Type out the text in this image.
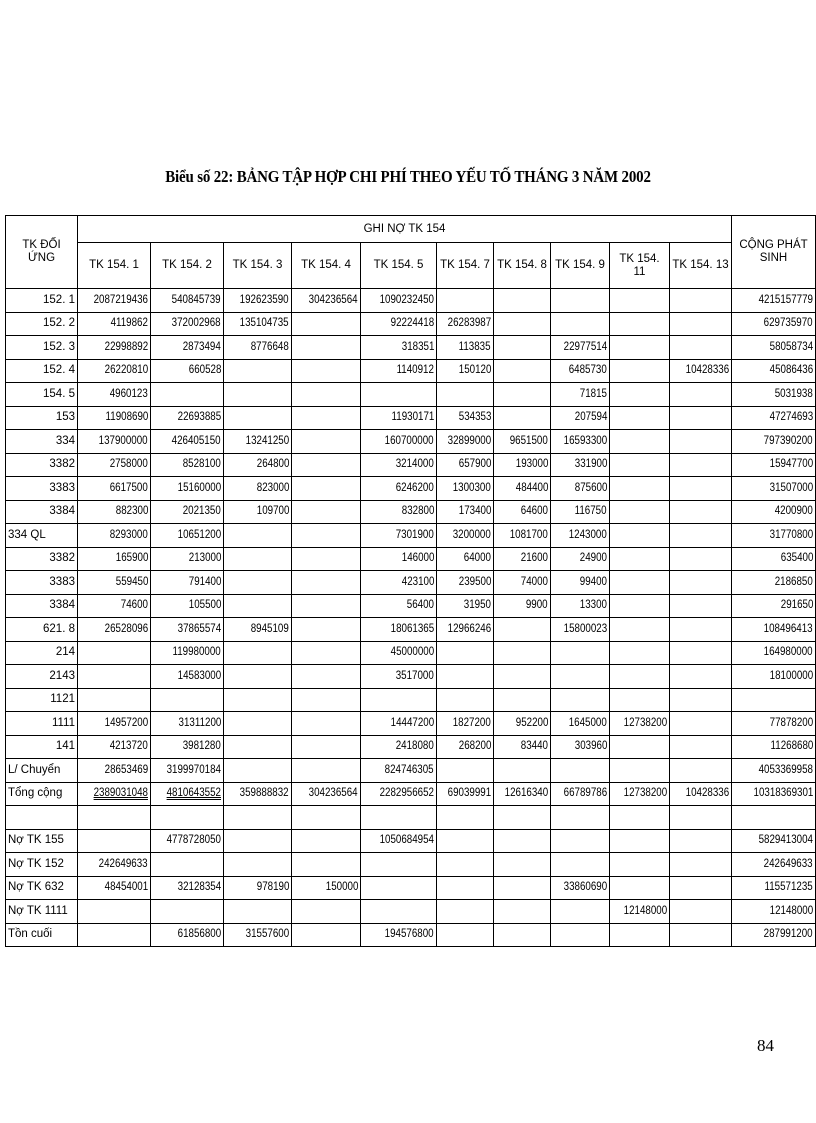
Biểu số 22: BẢNG TẬP HỢP CHI PHÍ THEO YẾU TỐ THÁNG 3 NĂM 2002
TK ĐỐI ỨNG	GHI NỢ TK 154										CỘNG PHÁT SINH
	TK 154. 1	TK 154. 2	TK 154. 3	TK 154. 4	TK 154. 5	TK 154. 7	TK 154. 8	TK 154. 9	TK 154. 11	TK 154. 13	
152. 1	2087219436	540845739	192623590	304236564	1090232450						4215157779
152. 2	4119862	372002968	135104735		92224418	26283987					629735970
152. 3	22998892	2873494	8776648		318351	113835		22977514			58058734
152. 4	26220810	660528			1140912	150120		6485730		10428336	45086436
154. 5	4960123							71815			5031938
153	11908690	22693885			11930171	534353		207594			47274693
334	137900000	426405150	13241250		160700000	32899000	9651500	16593300			797390200
3382	2758000	8528100	264800		3214000	657900	193000	331900			15947700
3383	6617500	15160000	823000		6246200	1300300	484400	875600			31507000
3384	882300	2021350	109700		832800	173400	64600	116750			4200900
334 QL	8293000	10651200			7301900	3200000	1081700	1243000			31770800
3382	165900	213000			146000	64000	21600	24900			635400
3383	559450	791400			423100	239500	74000	99400			2186850
3384	74600	105500			56400	31950	9900	13300			291650
621. 8	26528096	37865574	8945109		18061365	12966246		15800023			108496413
214		119980000			45000000						164980000
2143		14583000			3517000						18100000
1121											
1111	14957200	31311200			14447200	1827200	952200	1645000	12738200		77878200
141	4213720	3981280			2418080	268200	83440	303960			11268680
L/ Chuyển	28653469	3199970184			824746305						4053369958
Tổng cộng	2389031048	4810643552	359888832	304236564	2282956652	69039991	12616340	66789786	12738200	10428336	10318369301

Nợ TK 155		4778728050			1050684954						5829413004
Nợ TK 152	242649633										242649633
Nợ TK 632	48454001	32128354	978190	150000				33860690			115571235
Nợ TK 1111									12148000		12148000
Tồn cuối		61856800	31557600		194576800						287991200
84
